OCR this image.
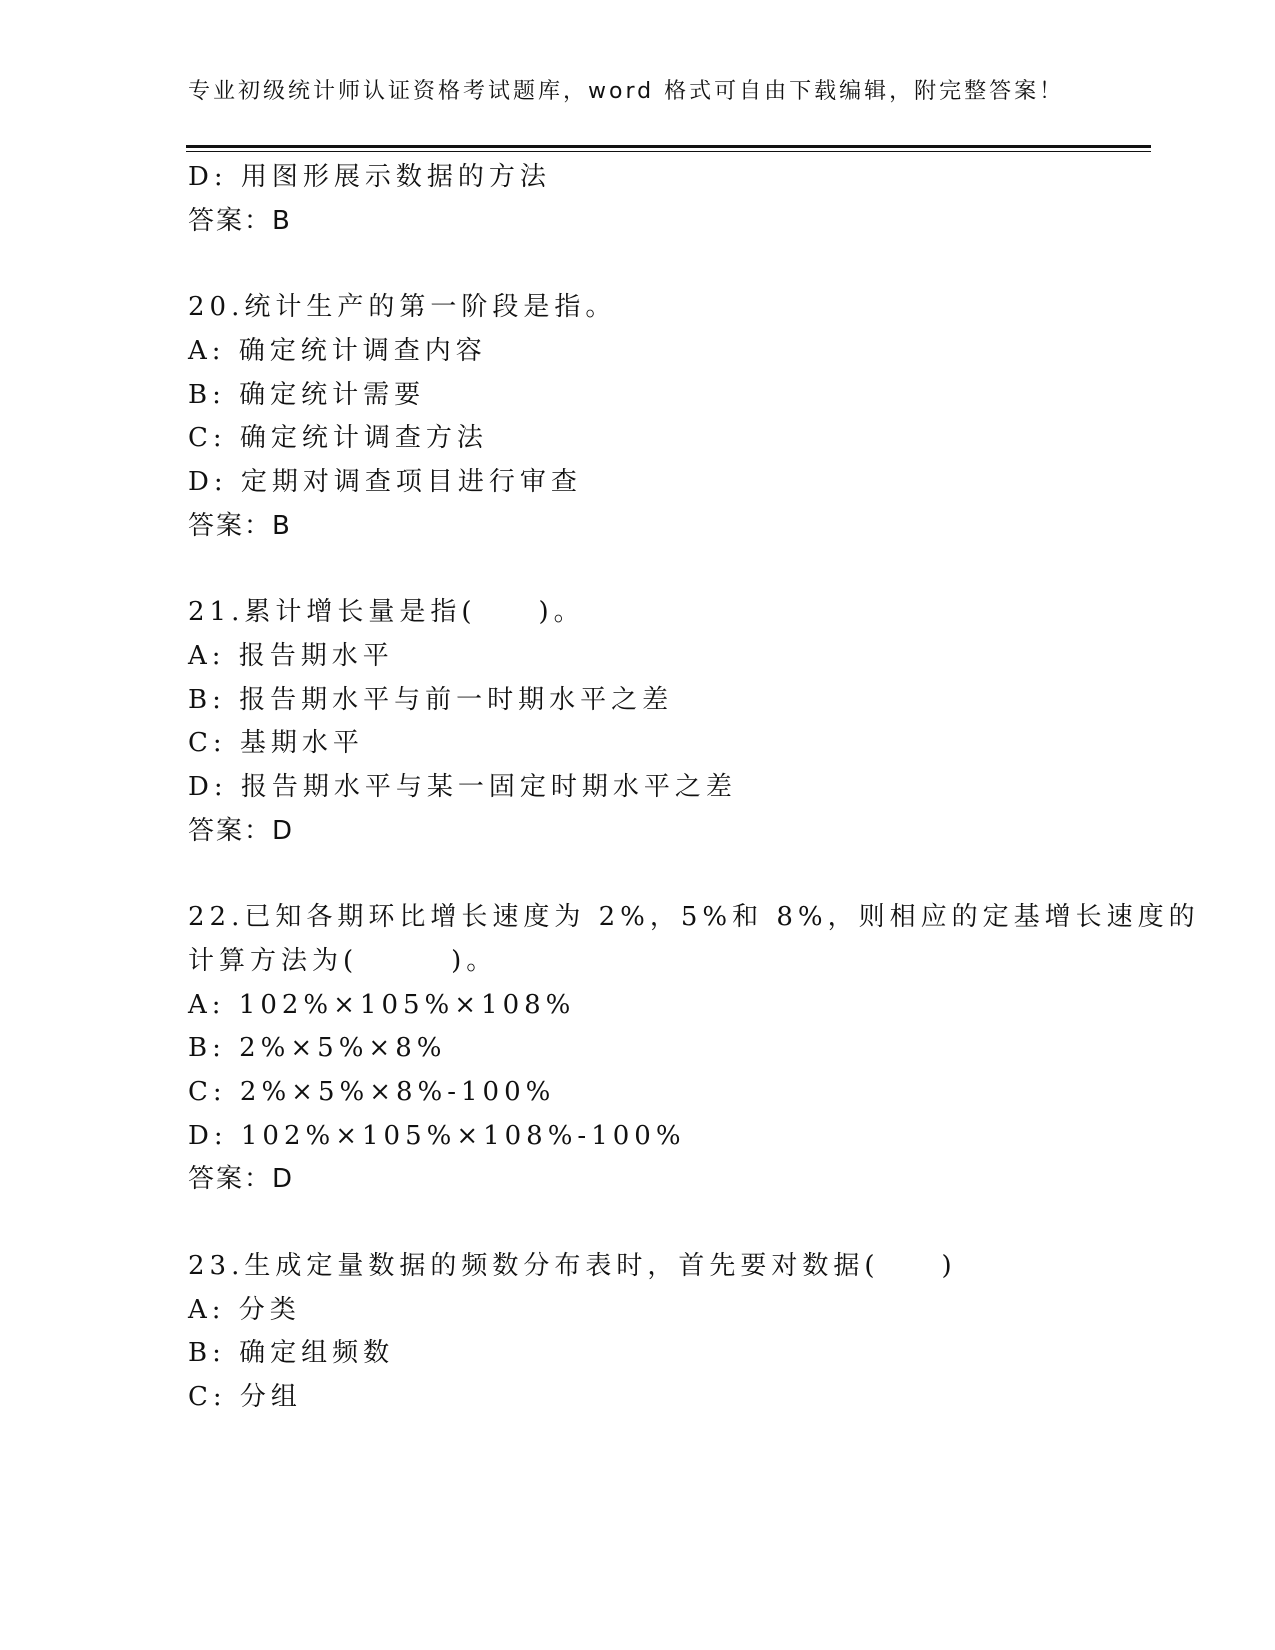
专业初级统计师认证资格考试题库，word 格式可自由下载编辑，附完整答案！
D: 用图形展示数据的方法
答案：B
20.统计生产的第一阶段是指。
A: 确定统计调查内容
B: 确定统计需要
C: 确定统计调查方法
D: 定期对调查项目进行审查
答案：B
21.累计增长量是指(　　)。
A: 报告期水平
B: 报告期水平与前一时期水平之差
C: 基期水平
D: 报告期水平与某一固定时期水平之差
答案：D
22.已知各期环比增长速度为 2%，5%和 8%，则相应的定基增长速度的
计算方法为(　　　)。
A: 102%×105%×108%
B: 2%×5%×8%
C: 2%×5%×8%-100%
D: 102%×105%×108%-100%
答案：D
23.生成定量数据的频数分布表时，首先要对数据(　　)
A: 分类
B: 确定组频数
C: 分组
